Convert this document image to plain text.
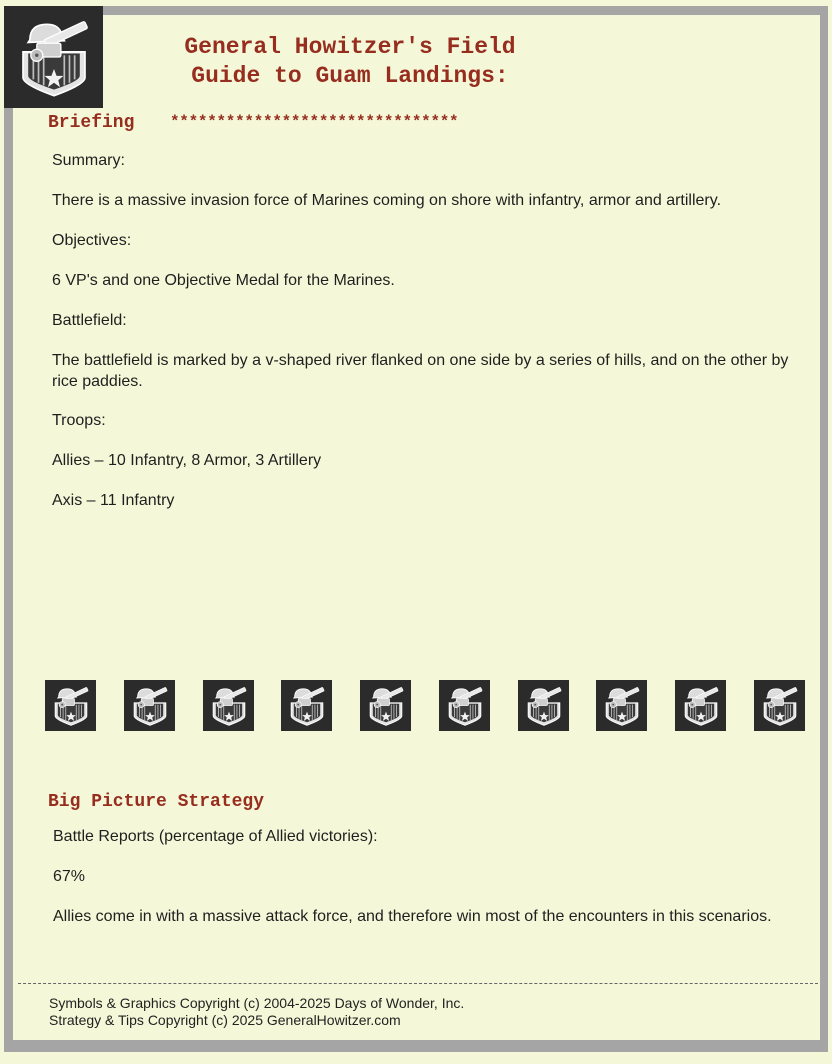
General Howitzer's Field
Guide to Guam Landings:
Briefing *******************************

Summary:

There is a massive invasion force of Marines coming on shore with infantry, armor and artillery.

Objectives:

6 VP's and one Objective Medal for the Marines.

Battlefield:

The battlefield is marked by a v-shaped river flanked on one side by a series of hills, and on the other by rice paddies.

Troops:

Allies – 10 Infantry, 8 Armor, 3 Artillery

Axis – 11 Infantry

Big Picture Strategy

Battle Reports (percentage of Allied victories):

67%

Allies come in with a massive attack force, and therefore win most of the encounters in this scenarios.

Symbols & Graphics Copyright (c) 2004-2025 Days of Wonder, Inc.
Strategy & Tips Copyright (c) 2025 GeneralHowitzer.com
